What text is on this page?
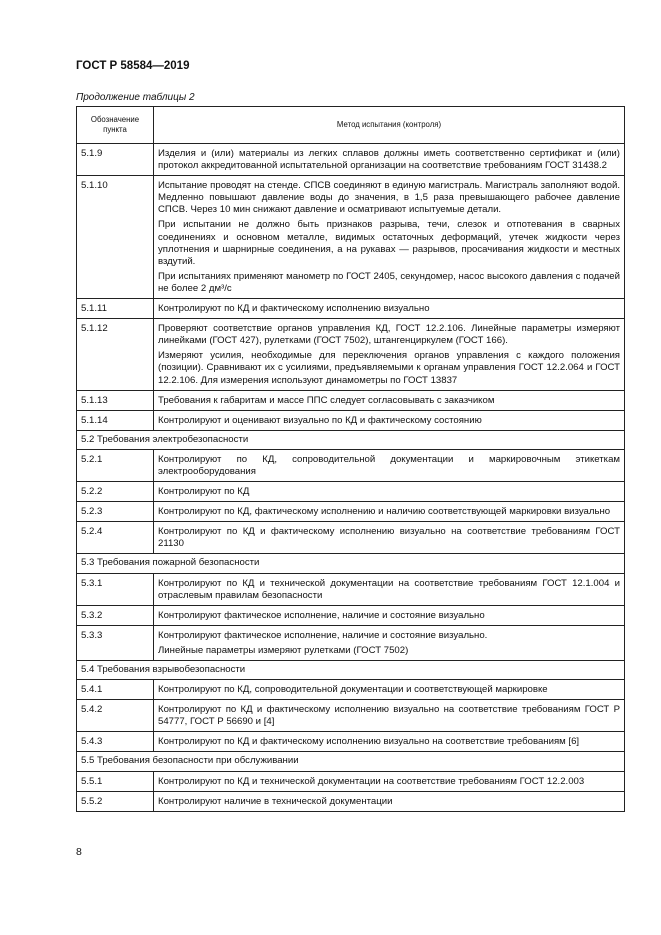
ГОСТ Р 58584—2019
Продолжение таблицы 2
Обозначение пункта	Метод испытания (контроля)
5.1.9	Изделия и (или) материалы из легких сплавов должны иметь соответственно сертификат и (или) протокол аккредитованной испытательной организации на соответствие требованиям ГОСТ 31438.2

5.1.10	Испытание проводят на стенде. СПСВ соединяют в единую магистраль. Магистраль заполняют водой. Медленно повышают давление воды до значения, в 1,5 раза превышающего рабочее давление СПСВ. Через 10 мин снижают давление и осматривают испытуемые детали.

При испытании не должно быть признаков разрыва, течи, слезок и отпотевания в сварных соединениях и основном металле, видимых остаточных деформаций, утечек жидкости через уплотнения и шарнирные соединения, а на рукавах — разрывов, просачивания жидкости и местных вздутий.

При испытаниях применяют манометр по ГОСТ 2405, секундомер, насос высокого давления с подачей не более 2 дм³/с

5.1.11	Контролируют по КД и фактическому исполнению визуально

5.1.12	Проверяют соответствие органов управления КД, ГОСТ 12.2.106. Линейные параметры измеряют линейками (ГОСТ 427), рулетками (ГОСТ 7502), штангенциркулем (ГОСТ 166).

Измеряют усилия, необходимые для переключения органов управления с каждого положения (позиции). Сравнивают их с усилиями, предъявляемыми к органам управления ГОСТ 12.2.064 и ГОСТ 12.2.106. Для измерения используют динамометры по ГОСТ 13837

5.1.13	Требования к габаритам и массе ППС следует согласовывать с заказчиком

5.1.14	Контролируют и оценивают визуально по КД и фактическому состоянию

5.2 Требования электробезопасности	
5.2.1	Контролируют по КД, сопроводительной документации и маркировочным этикеткам электрооборудования

5.2.2	Контролируют по КД

5.2.3	Контролируют по КД, фактическому исполнению и наличию соответствующей маркировки визуально

5.2.4	Контролируют по КД и фактическому исполнению визуально на соответствие требованиям ГОСТ 21130

5.3 Требования пожарной безопасности	
5.3.1	Контролируют по КД и технической документации на соответствие требованиям ГОСТ 12.1.004 и отраслевым правилам безопасности

5.3.2	Контролируют фактическое исполнение, наличие и состояние визуально

5.3.3	Контролируют фактическое исполнение, наличие и состояние визуально.

Линейные параметры измеряют рулетками (ГОСТ 7502)

5.4 Требования взрывобезопасности	
5.4.1	Контролируют по КД, сопроводительной документации и соответствующей маркировке

5.4.2	Контролируют по КД и фактическому исполнению визуально на соответствие требованиям ГОСТ Р 54777, ГОСТ Р 56690 и [4]

5.4.3	Контролируют по КД и фактическому исполнению визуально на соответствие требованиям [6]

5.5 Требования безопасности при обслуживании	
5.5.1	Контролируют по КД и технической документации на соответствие требованиям ГОСТ 12.2.003

5.5.2	Контролируют наличие в технической документации

8
